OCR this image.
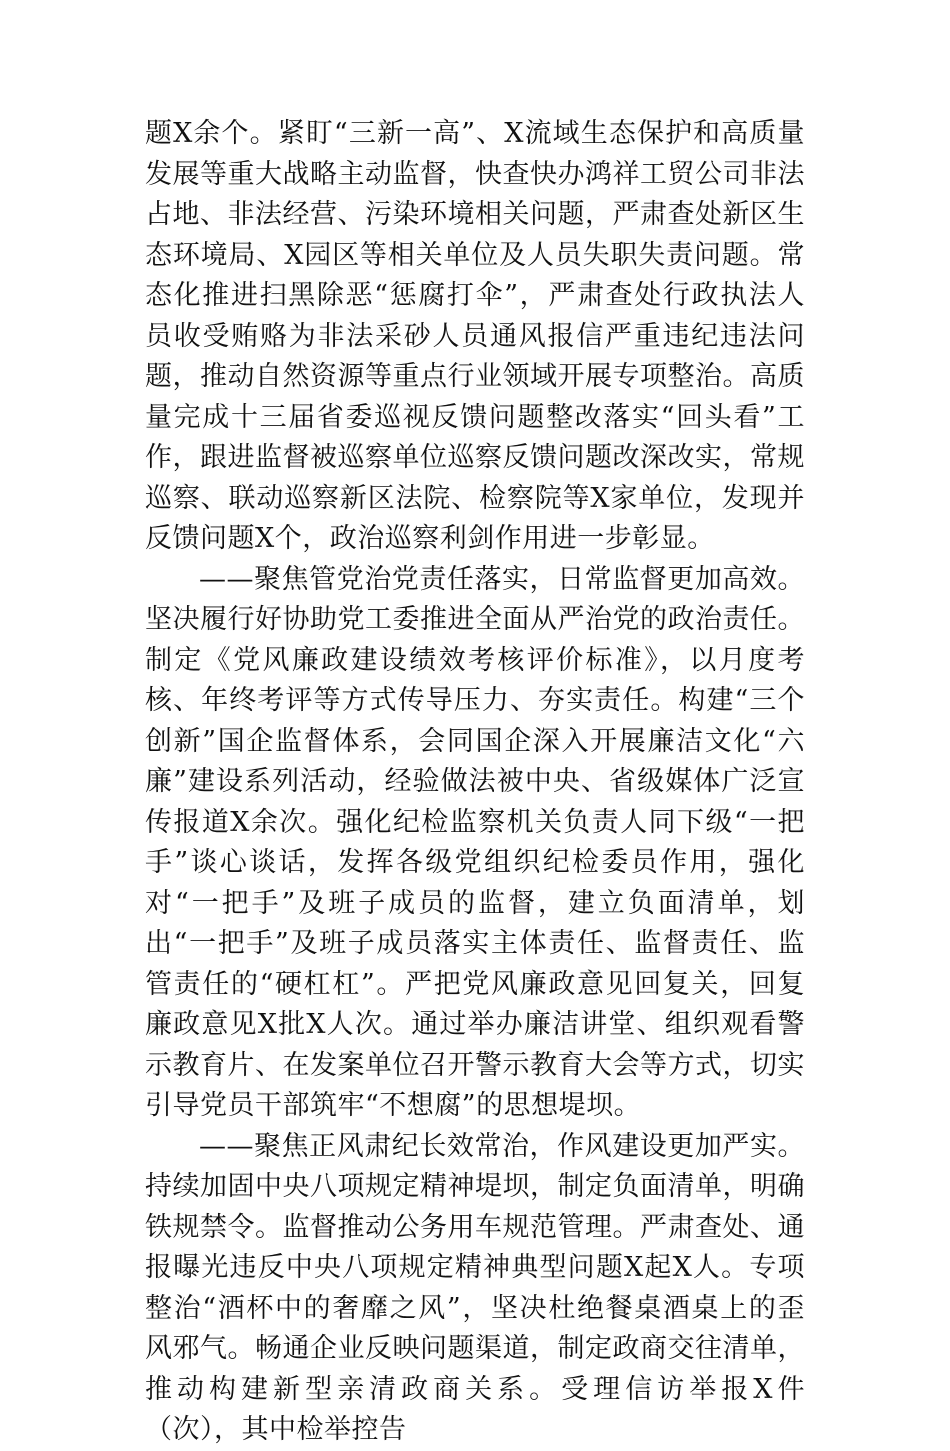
题X余个。紧盯“三新一高”、X流域生态保护和高质量发展等重大战略主动监督，快查快办鸿祥工贸公司非法占地、非法经营、污染环境相关问题，严肃查处新区生态环境局、X园区等相关单位及人员失职失责问题。常态化推进扫黑除恶“惩腐打伞”，严肃查处行政执法人员收受贿赂为非法采砂人员通风报信严重违纪违法问题，推动自然资源等重点行业领域开展专项整治。高质量完成十三届省委巡视反馈问题整改落实“回头看”工作，跟进监督被巡察单位巡察反馈问题改深改实，常规巡察、联动巡察新区法院、检察院等X家单位，发现并反馈问题X个，政治巡察利剑作用进一步彰显。

——聚焦管党治党责任落实，日常监督更加高效。坚决履行好协助党工委推进全面从严治党的政治责任。制定《党风廉政建设绩效考核评价标准》，以月度考核、年终考评等方式传导压力、夯实责任。构建“三个创新”国企监督体系，会同国企深入开展廉洁文化“六廉”建设系列活动，经验做法被中央、省级媒体广泛宣传报道X余次。强化纪检监察机关负责人同下级“一把手”谈心谈话，发挥各级党组织纪检委员作用，强化对“一把手”及班子成员的监督，建立负面清单，划出“一把手”及班子成员落实主体责任、监督责任、监管责任的“硬杠杠”。严把党风廉政意见回复关，回复廉政意见X批X人次。通过举办廉洁讲堂、组织观看警示教育片、在发案单位召开警示教育大会等方式，切实引导党员干部筑牢“不想腐”的思想堤坝。

——聚焦正风肃纪长效常治，作风建设更加严实。持续加固中央八项规定精神堤坝，制定负面清单，明确铁规禁令。监督推动公务用车规范管理。严肃查处、通报曝光违反中央八项规定精神典型问题X起X人。专项整治“酒杯中的奢靡之风”，坚决杜绝餐桌酒桌上的歪风邪气。畅通企业反映问题渠道，制定政商交往清单，推动构建新型亲清政商关系。受理信访举报X件（次），其中检举控告
